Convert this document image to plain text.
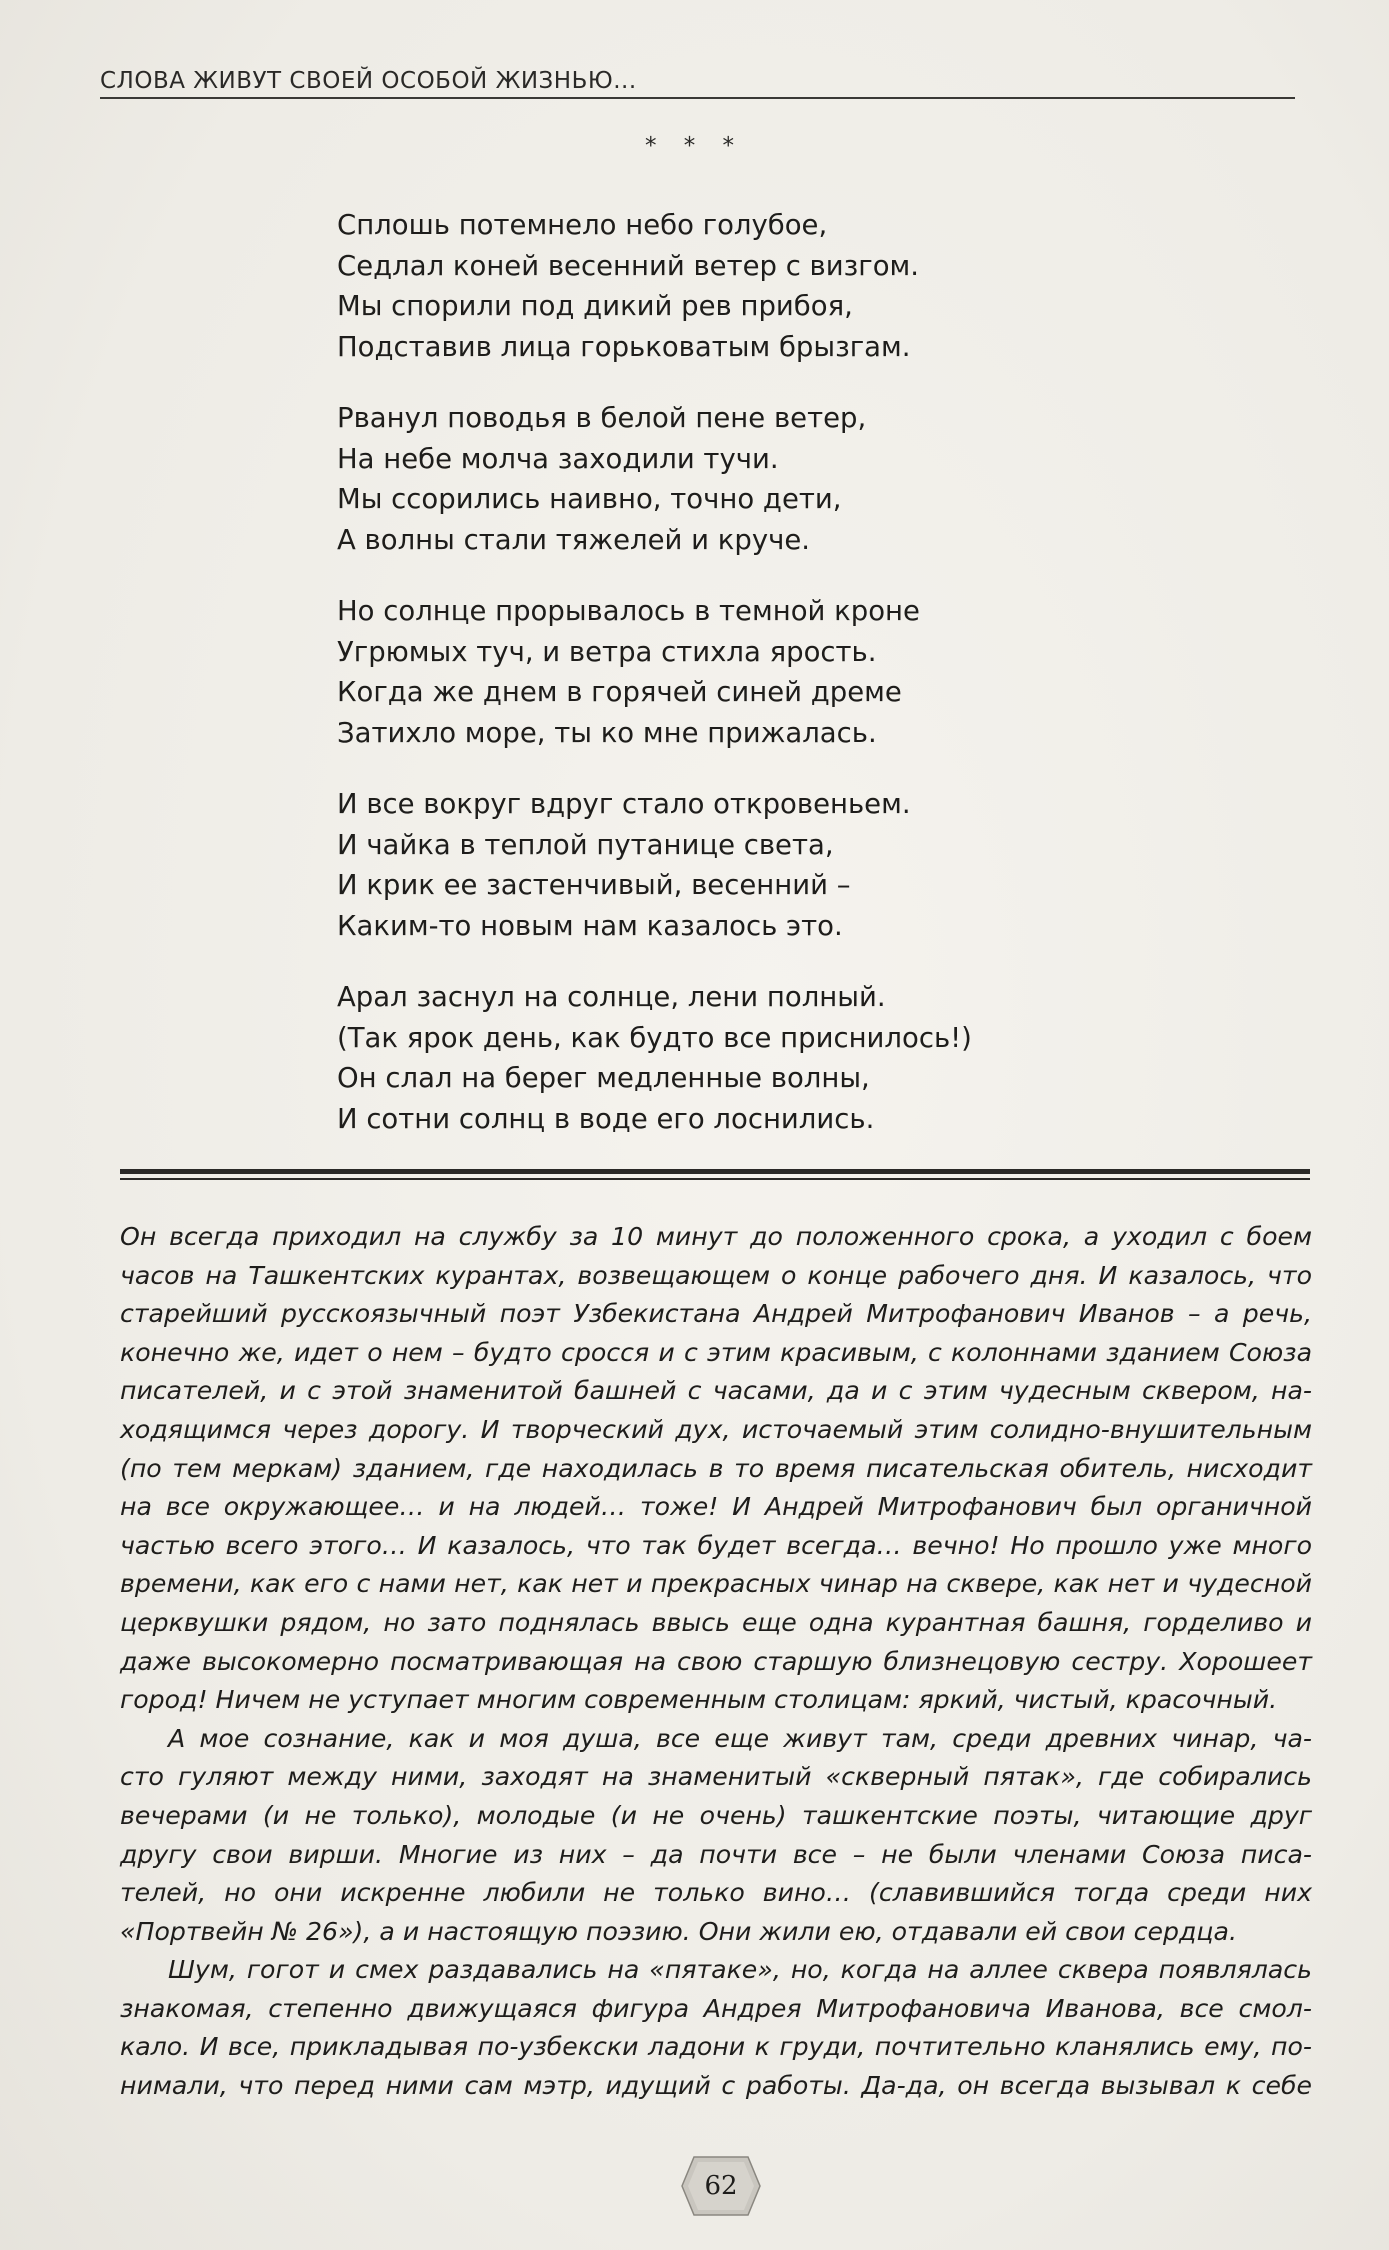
СЛОВА ЖИВУТ СВОЕЙ ОСОБОЙ ЖИЗНЬЮ...
* * *
Сплошь потемнело небо голубое,
Седлал коней весенний ветер с визгом.
Мы спорили под дикий рев прибоя,
Подставив лица горьковатым брызгам.
Рванул поводья в белой пене ветер,
На небе молча заходили тучи.
Мы ссорились наивно, точно дети,
А волны стали тяжелей и круче.
Но солнце прорывалось в темной кроне
Угрюмых туч, и ветра стихла ярость.
Когда же днем в горячей синей дреме
Затихло море, ты ко мне прижалась.
И все вокруг вдруг стало откровеньем.
И чайка в теплой путанице света,
И крик ее застенчивый, весенний –
Каким-то новым нам казалось это.
Арал заснул на солнце, лени полный.
(Так ярок день, как будто все приснилось!)
Он слал на берег медленные волны,
И сотни солнц в воде его лоснились.

Он всегда приходил на службу за 10 минут до положенного срока, а уходил с боем
часов на Ташкентских курантах, возвещающем о конце рабочего дня. И казалось, что
старейший русскоязычный поэт Узбекистана Андрей Митрофанович Иванов – а речь,
конечно же, идет о нем – будто сросся и с этим красивым, с колоннами зданием Союза
писателей, и с этой знаменитой башней с часами, да и с этим чудесным сквером, на-
ходящимся через дорогу. И творческий дух, источаемый этим солидно-внушительным
(по тем меркам) зданием, где находилась в то время писательская обитель, нисходит
на все окружающее… и на людей… тоже! И Андрей Митрофанович был органичной
частью всего этого… И казалось, что так будет всегда… вечно! Но прошло уже много
времени, как его с нами нет, как нет и прекрасных чинар на сквере, как нет и чудесной
церквушки рядом, но зато поднялась ввысь еще одна курантная башня, горделиво и
даже высокомерно посматривающая на свою старшую близнецовую сестру. Хорошеет
город! Ничем не уступает многим современным столицам: яркий, чистый, красочный.

А мое сознание, как и моя душа, все еще живут там, среди древних чинар, ча-
сто гуляют между ними, заходят на знаменитый «скверный пятак», где собирались
вечерами (и не только), молодые (и не очень) ташкентские поэты, читающие друг
другу свои вирши. Многие из них – да почти все – не были членами Союза писа-
телей, но они искренне любили не только вино… (славившийся тогда среди них
«Портвейн № 26»), а и настоящую поэзию. Они жили ею, отдавали ей свои сердца.

Шум, гогот и смех раздавались на «пятаке», но, когда на аллее сквера появлялась
знакомая, степенно движущаяся фигура Андрея Митрофановича Иванова, все смол-
кало. И все, прикладывая по-узбекски ладони к груди, почтительно кланялись ему, по-
нимали, что перед ними сам мэтр, идущий с работы. Да-да, он всегда вызывал к себе

62
